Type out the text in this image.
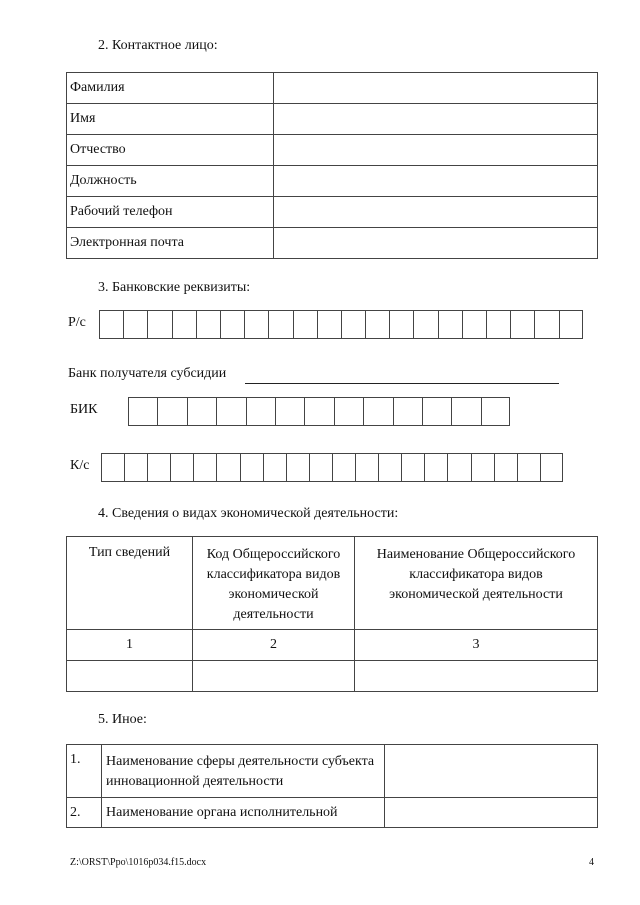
2. Контактное лицо:
Фамилия	
Имя	
Отчество	
Должность	
Рабочий телефон	
Электронная почта	
3. Банковские реквизиты:
Р/с
Банк получателя субсидии
БИК
К/с
4. Сведения о видах экономической деятельности:
Тип сведений	Код Общероссийского классификатора видов экономической деятельности	Наименование Общероссийского классификатора видов экономической деятельности
1	2	3

5. Иное:
1.	Наименование сферы деятельности субъекта инновационной деятельности	
2.	Наименование органа исполнительной	
Z:\ORST\Ppo\1016p034.f15.docx	4
